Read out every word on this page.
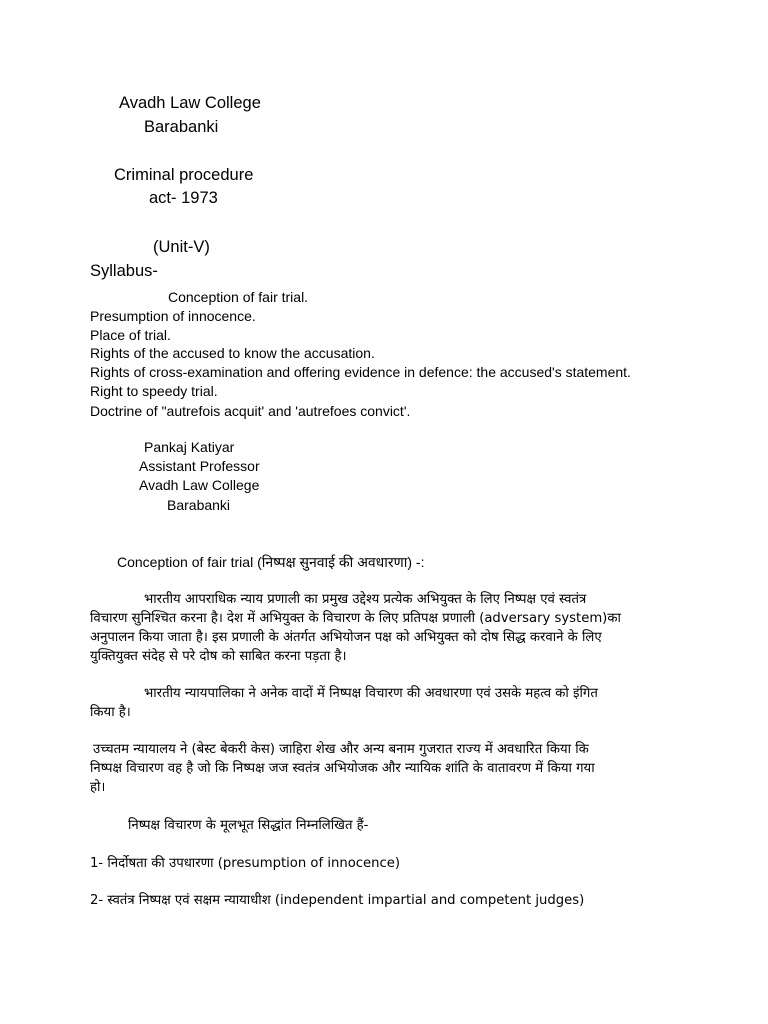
Avadh Law College

Barabanki

Criminal procedure

act- 1973

(Unit-V)

Syllabus-

Conception of fair trial.

Presumption of innocence.

Place of trial.

Rights of the accused to know the accusation.

Rights of cross-examination and offering evidence in defence: the accused's statement.

Right to speedy trial.

Doctrine of "autrefois acquit' and 'autrefoes convict'.

Pankaj Katiyar

Assistant Professor

Avadh Law College

Barabanki

Conception of fair trial (निष्पक्ष सुनवाई की अवधारणा) -:

भारतीय आपराधिक न्याय प्रणाली का प्रमुख उद्देश्य प्रत्येक अभियुक्त के लिए निष्पक्ष एवं स्वतंत्र

विचारण सुनिश्चित करना है। देश में अभियुक्त के विचारण के लिए प्रतिपक्ष प्रणाली (adversary system)का

अनुपालन किया जाता है। इस प्रणाली के अंतर्गत अभियोजन पक्ष को अभियुक्त को दोष सिद्ध करवाने के लिए

युक्तियुक्त संदेह से परे दोष को साबित करना पड़ता है।

भारतीय न्यायपालिका ने अनेक वादों में निष्पक्ष विचारण की अवधारणा एवं उसके महत्व को इंगित

किया है।

उच्चतम न्यायालय ने (बेस्ट बेकरी केस) जाहिरा शेख और अन्य बनाम गुजरात राज्य में अवधारित किया कि

निष्पक्ष विचारण वह है जो कि निष्पक्ष जज स्वतंत्र अभियोजक और न्यायिक शांति के वातावरण में किया गया

हो।

निष्पक्ष विचारण के मूलभूत सिद्धांत निम्नलिखित हैं-

1- निर्दोषता की उपधारणा (presumption of innocence)

2- स्वतंत्र निष्पक्ष एवं सक्षम न्यायाधीश (independent impartial and competent judges)
